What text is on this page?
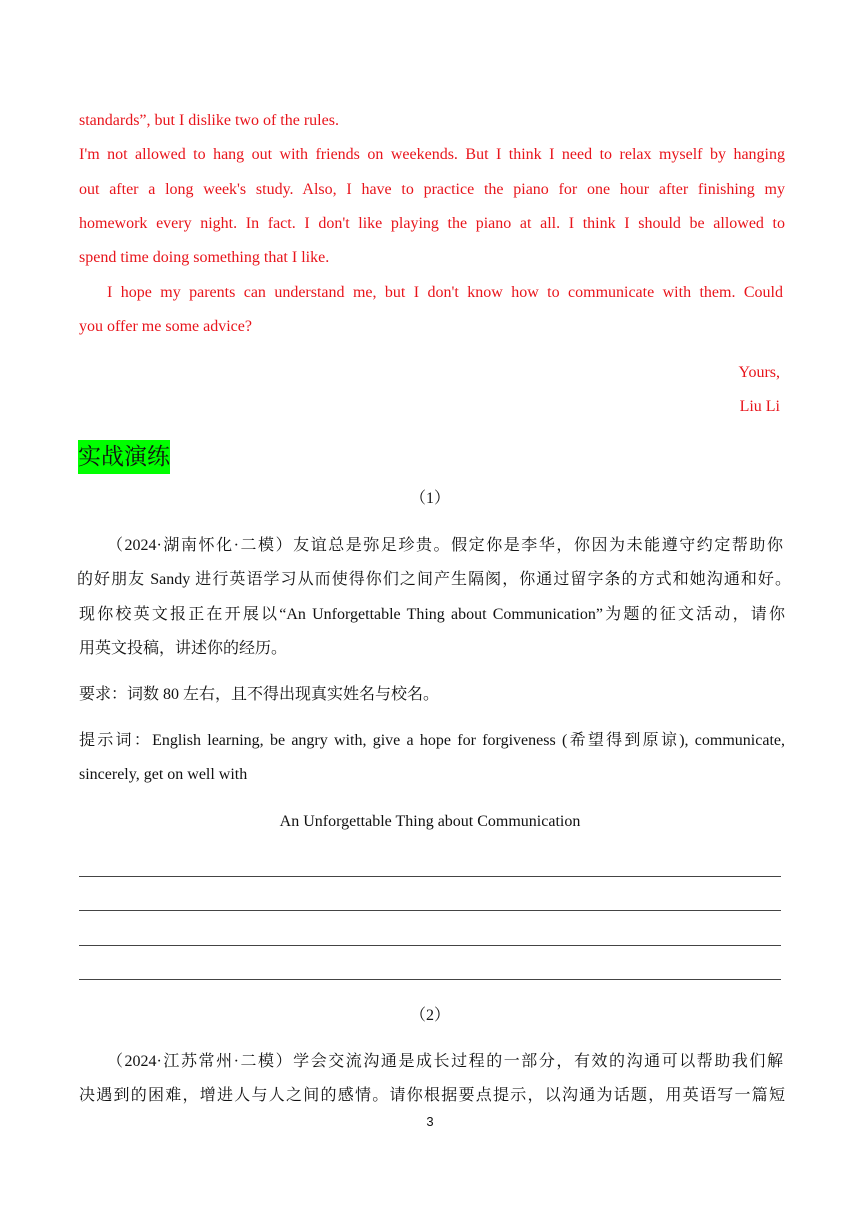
standards”, but I dislike two of the rules.
I'm not allowed to hang out with friends on weekends. But I think I need to relax myself by hanging
out after a long week's study. Also, I have to practice the piano for one hour after finishing my
homework every night. In fact. I don't like playing the piano at all. I think I should be allowed to
spend time doing something that I like.
I hope my parents can understand me, but I don't know how to communicate with them. Could
you offer me some advice?
Yours,
Liu Li
实战演练
（1）
（2024·湖南怀化·二模）友谊总是弥足珍贵。假定你是李华，你因为未能遵守约定帮助你
的好朋友 Sandy 进行英语学习从而使得你们之间产生隔阂，你通过留字条的方式和她沟通和好。
现你校英文报正在开展以“An Unforgettable Thing about Communication”为题的征文活动，请你
用英文投稿，讲述你的经历。
要求：词数 80 左右，且不得出现真实姓名与校名。
提示词：English learning, be angry with, give a hope for forgiveness (希望得到原谅), communicate,
sincerely, get on well with
An Unforgettable Thing about Communication
（2）
（2024·江苏常州·二模）学会交流沟通是成长过程的一部分，有效的沟通可以帮助我们解
决遇到的困难，增进人与人之间的感情。请你根据要点提示，以沟通为话题，用英语写一篇短
3
